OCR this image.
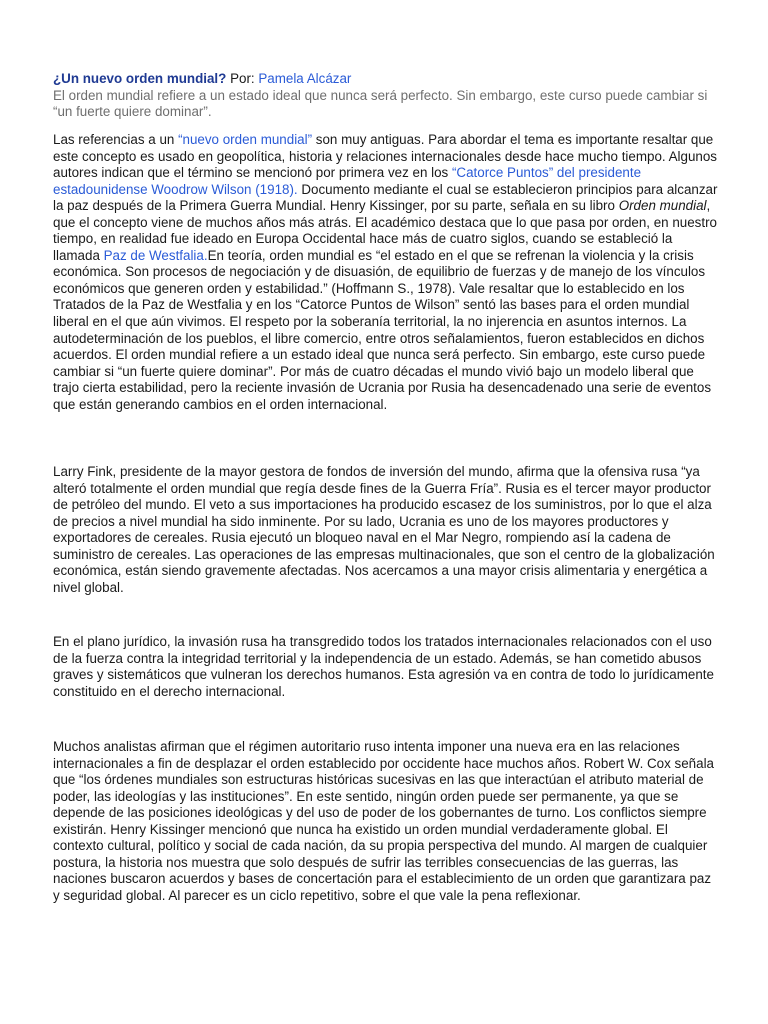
¿Un nuevo orden mundial? Por: Pamela Alcázar
El orden mundial refiere a un estado ideal que nunca será perfecto. Sin embargo, este curso puede cambiar si “un fuerte quiere dominar”.

Las referencias a un “nuevo orden mundial” son muy antiguas. Para abordar el tema es importante resaltar que este concepto es usado en geopolítica, historia y relaciones internacionales desde hace mucho tiempo. Algunos autores indican que el término se mencionó por primera vez en los “Catorce Puntos” del presidente estadounidense Woodrow Wilson (1918). Documento mediante el cual se establecieron principios para alcanzar la paz después de la Primera Guerra Mundial. Henry Kissinger, por su parte, señala en su libro Orden mundial, que el concepto viene de muchos años más atrás. El académico destaca que lo que pasa por orden, en nuestro tiempo, en realidad fue ideado en Europa Occidental hace más de cuatro siglos, cuando se estableció la llamada Paz de Westfalia.En teoría, orden mundial es “el estado en el que se refrenan la violencia y la crisis económica. Son procesos de negociación y de disuasión, de equilibrio de fuerzas y de manejo de los vínculos económicos que generen orden y estabilidad.” (Hoffmann S., 1978). Vale resaltar que lo establecido en los Tratados de la Paz de Westfalia y en los “Catorce Puntos de Wilson” sentó las bases para el orden mundial liberal en el que aún vivimos. El respeto por la soberanía territorial, la no injerencia en asuntos internos. La autodeterminación de los pueblos, el libre comercio, entre otros señalamientos, fueron establecidos en dichos acuerdos. El orden mundial refiere a un estado ideal que nunca será perfecto. Sin embargo, este curso puede cambiar si “un fuerte quiere dominar”. Por más de cuatro décadas el mundo vivió bajo un modelo liberal que trajo cierta estabilidad, pero la reciente invasión de Ucrania por Rusia ha desencadenado una serie de eventos que están generando cambios en el orden internacional.

Larry Fink, presidente de la mayor gestora de fondos de inversión del mundo, afirma que la ofensiva rusa “ya alteró totalmente el orden mundial que regía desde fines de la Guerra Fría”. Rusia es el tercer mayor productor de petróleo del mundo. El veto a sus importaciones ha producido escasez de los suministros, por lo que el alza de precios a nivel mundial ha sido inminente. Por su lado, Ucrania es uno de los mayores productores y exportadores de cereales. Rusia ejecutó un bloqueo naval en el Mar Negro, rompiendo así la cadena de suministro de cereales. Las operaciones de las empresas multinacionales, que son el centro de la globalización económica, están siendo gravemente afectadas. Nos acercamos a una mayor crisis alimentaria y energética a nivel global.

En el plano jurídico, la invasión rusa ha transgredido todos los tratados internacionales relacionados con el uso de la fuerza contra la integridad territorial y la independencia de un estado. Además, se han cometido abusos graves y sistemáticos que vulneran los derechos humanos. Esta agresión va en contra de todo lo jurídicamente constituido en el derecho internacional.

Muchos analistas afirman que el régimen autoritario ruso intenta imponer una nueva era en las relaciones internacionales a fin de desplazar el orden establecido por occidente hace muchos años. Robert W. Cox señala que “los órdenes mundiales son estructuras históricas sucesivas en las que interactúan el atributo material de poder, las ideologías y las instituciones”. En este sentido, ningún orden puede ser permanente, ya que se depende de las posiciones ideológicas y del uso de poder de los gobernantes de turno. Los conflictos siempre existirán. Henry Kissinger mencionó que nunca ha existido un orden mundial verdaderamente global. El contexto cultural, político y social de cada nación, da su propia perspectiva del mundo. Al margen de cualquier postura, la historia nos muestra que solo después de sufrir las terribles consecuencias de las guerras, las naciones buscaron acuerdos y bases de concertación para el establecimiento de un orden que garantizara paz y seguridad global. Al parecer es un ciclo repetitivo, sobre el que vale la pena reflexionar.
